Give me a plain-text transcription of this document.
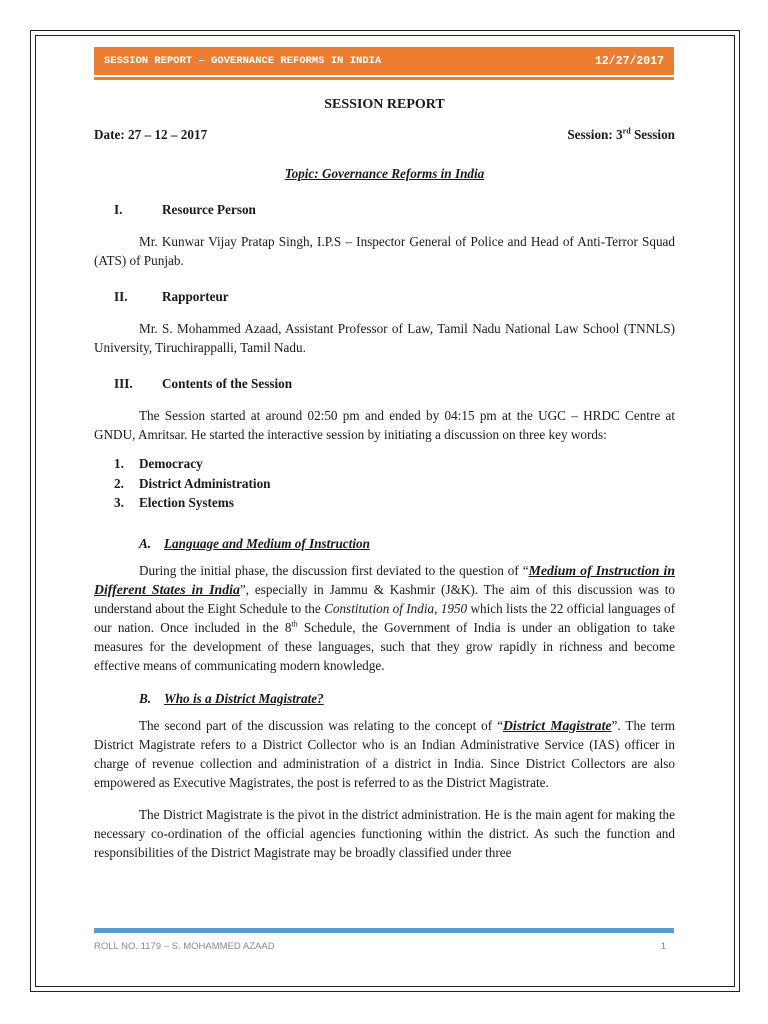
SESSION REPORT – GOVERNANCE REFORMS IN INDIA	12/27/2017
SESSION REPORT
Date: 27 – 12 – 2017	Session: 3rd Session
Topic: Governance Reforms in India
I.	Resource Person

Mr. Kunwar Vijay Pratap Singh, I.P.S – Inspector General of Police and Head of Anti-Terror Squad (ATS) of Punjab.

II.	Rapporteur

Mr. S. Mohammed Azaad, Assistant Professor of Law, Tamil Nadu National Law School (TNNLS) University, Tiruchirappalli, Tamil Nadu.

III.	Contents of the Session

The Session started at around 02:50 pm and ended by 04:15 pm at the UGC – HRDC Centre at GNDU, Amritsar. He started the interactive session by initiating a discussion on three key words:

1.	Democracy
2.	District Administration
3.	Election Systems
A. Language and Medium of Instruction

During the initial phase, the discussion first deviated to the question of “Medium of Instruction in Different States in India”, especially in Jammu & Kashmir (J&K). The aim of this discussion was to understand about the Eight Schedule to the Constitution of India, 1950 which lists the 22 official languages of our nation. Once included in the 8th Schedule, the Government of India is under an obligation to take measures for the development of these languages, such that they grow rapidly in richness and become effective means of communicating modern knowledge.

B. Who is a District Magistrate?

The second part of the discussion was relating to the concept of “District Magistrate”. The term District Magistrate refers to a District Collector who is an Indian Administrative Service (IAS) officer in charge of revenue collection and administration of a district in India. Since District Collectors are also empowered as Executive Magistrates, the post is referred to as the District Magistrate.

The District Magistrate is the pivot in the district administration. He is the main agent for making the necessary co-ordination of the official agencies functioning within the district. As such the function and responsibilities of the District Magistrate may be broadly classified under three

ROLL NO. 1179 – S. MOHAMMED AZAAD	1
